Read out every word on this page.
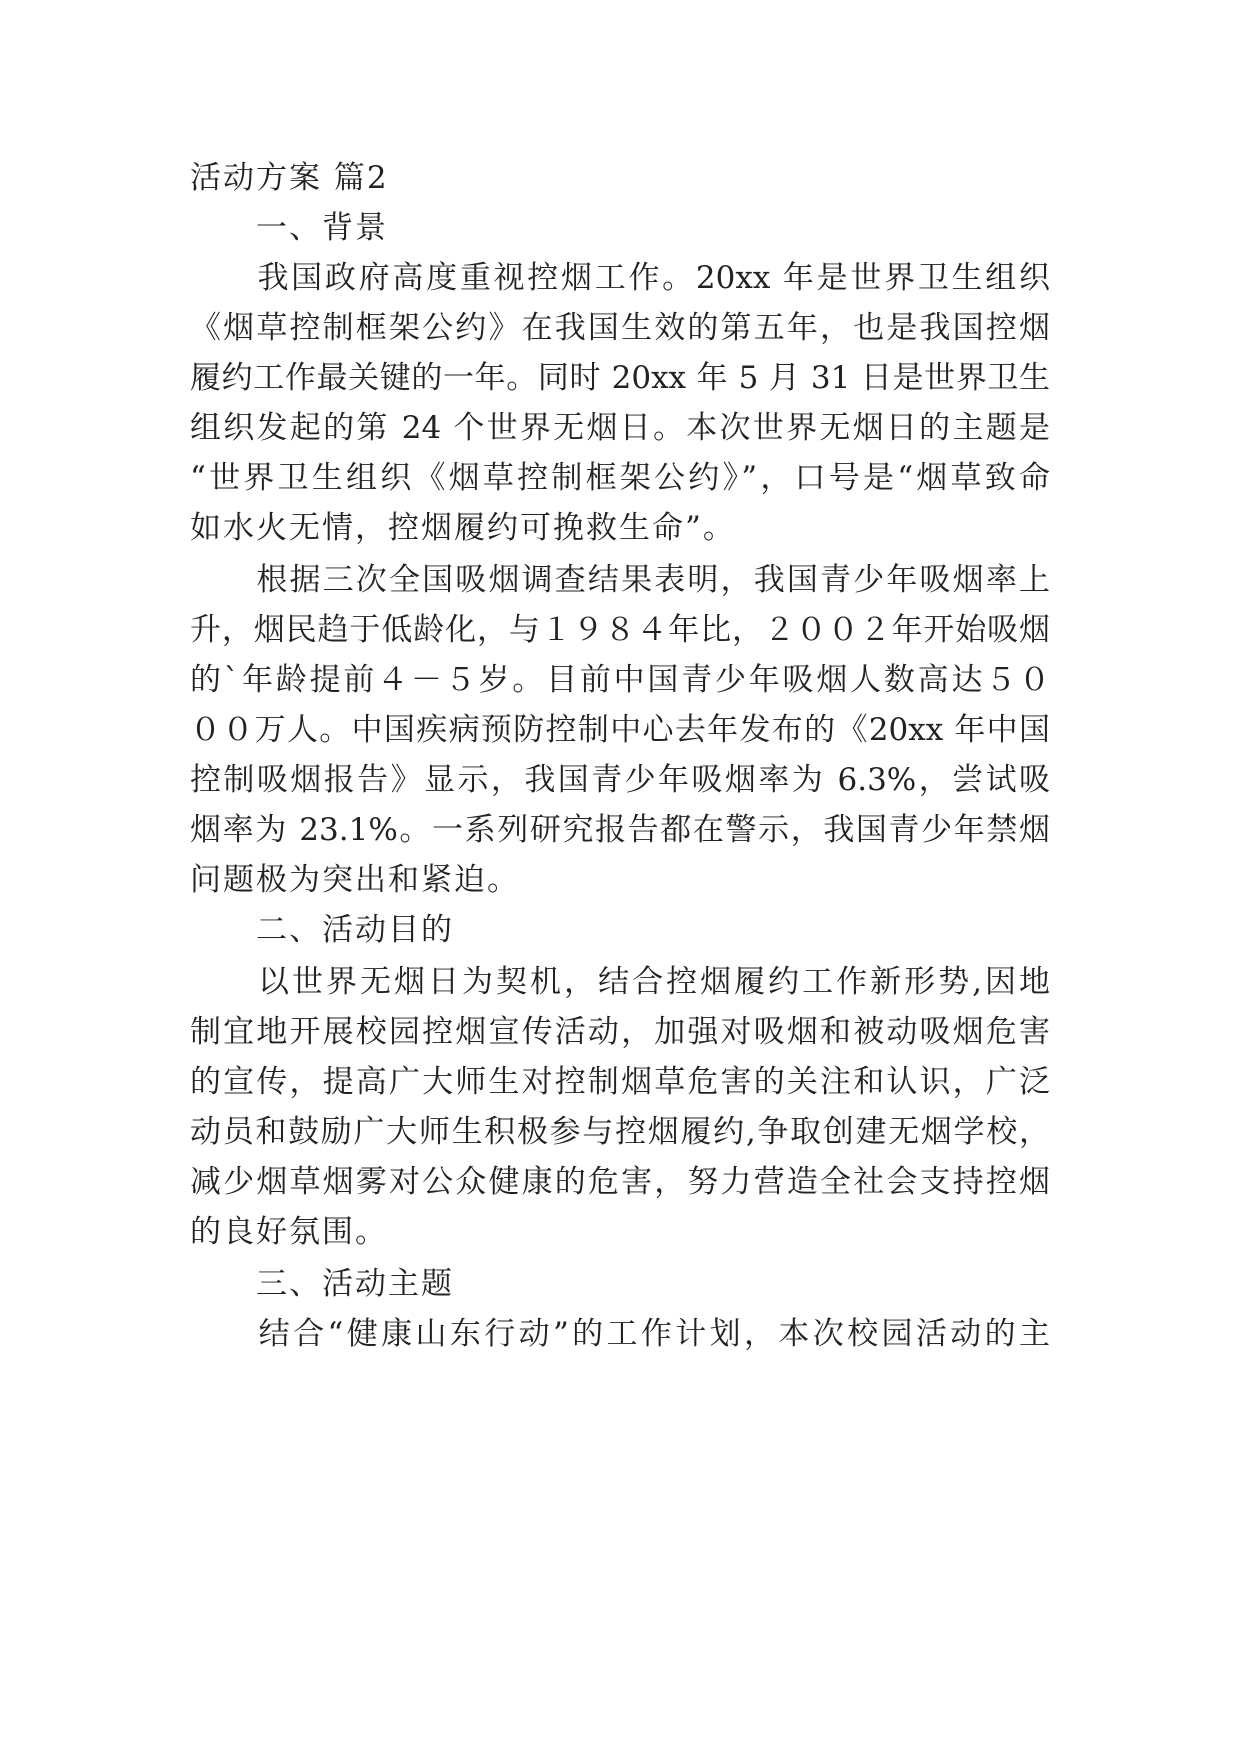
活动方案 篇2
　　一、背景
　　我国政府高度重视控烟工作。20xx 年是世界卫生组织
《烟草控制框架公约》在我国生效的第五年，也是我国控烟
履约工作最关键的一年。同时 20xx 年 5 月 31 日是世界卫生
组织发起的第 24 个世界无烟日。本次世界无烟日的主题是
“世界卫生组织《烟草控制框架公约》”，口号是“烟草致命
如水火无情，控烟履约可挽救生命”。
　　根据三次全国吸烟调查结果表明，我国青少年吸烟率上
升，烟民趋于低龄化，与１９８４年比，２００２年开始吸烟
的`年龄提前４－５岁。目前中国青少年吸烟人数高达５０
００万人。中国疾病预防控制中心去年发布的《20xx 年中国
控制吸烟报告》显示，我国青少年吸烟率为 6.3%，尝试吸
烟率为 23.1%。一系列研究报告都在警示，我国青少年禁烟
问题极为突出和紧迫。
　　二、活动目的
　　以世界无烟日为契机，结合控烟履约工作新形势,因地
制宜地开展校园控烟宣传活动，加强对吸烟和被动吸烟危害
的宣传，提高广大师生对控制烟草危害的关注和认识，广泛
动员和鼓励广大师生积极参与控烟履约,争取创建无烟学校，
减少烟草烟雾对公众健康的危害，努力营造全社会支持控烟
的良好氛围。
　　三、活动主题
　　结合“健康山东行动”的工作计划，本次校园活动的主
